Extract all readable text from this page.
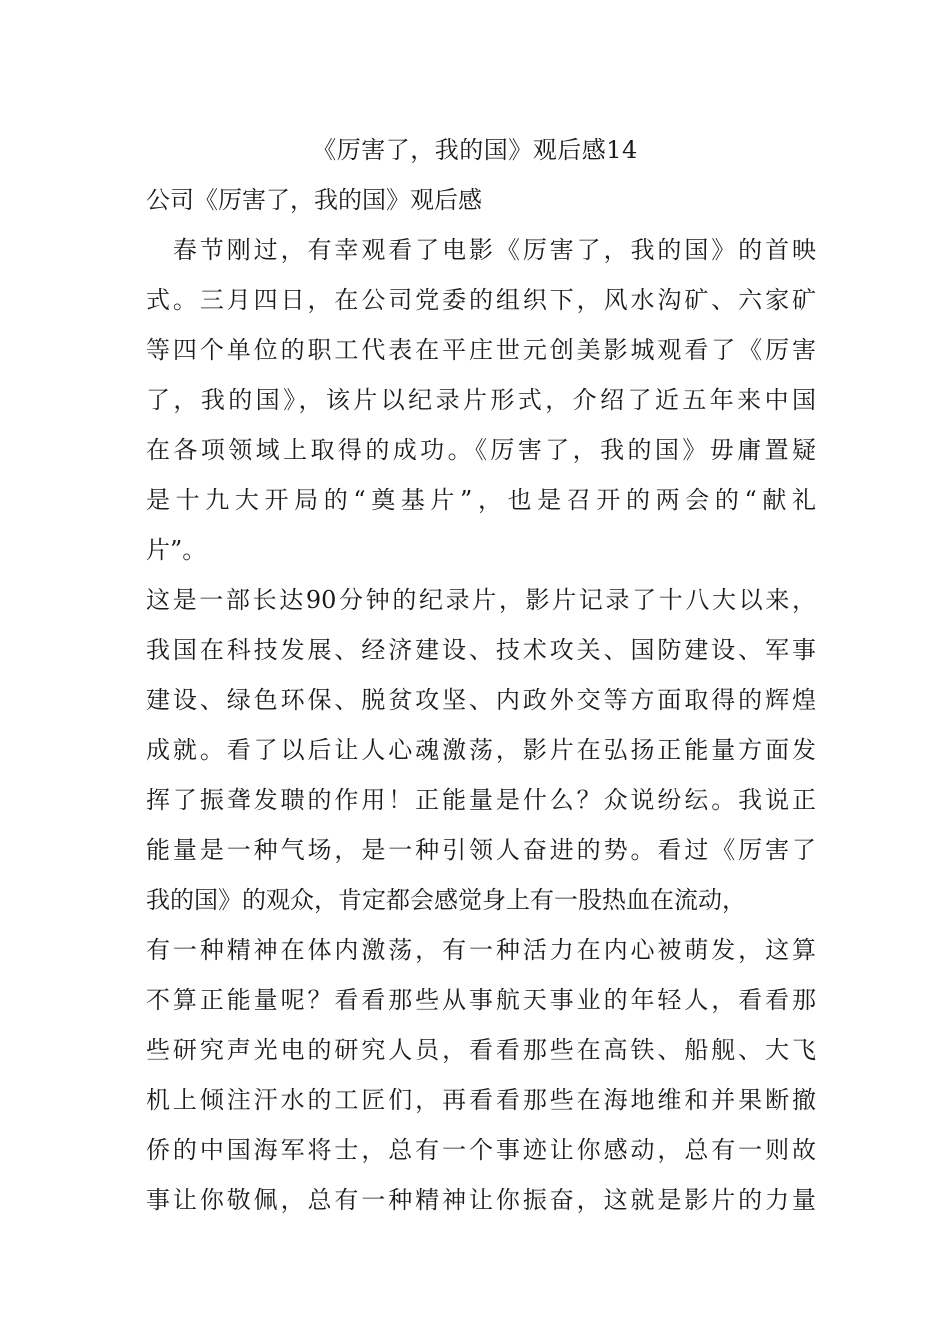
《厉害了，我的国》观后感14
公司《厉害了，我的国》观后感
　春节刚过，有幸观看了电影《厉害了，我的国》的首映
式。三月四日，在公司党委的组织下，风水沟矿、六家矿
等四个单位的职工代表在平庄世元创美影城观看了《厉害
了，我的国》，该片以纪录片形式，介绍了近五年来中国
在各项领域上取得的成功。《厉害了，我的国》毋庸置疑
是十九大开局的“奠基片”，也是召开的两会的“献礼
片”。
这是一部长达90分钟的纪录片，影片记录了十八大以来，
我国在科技发展、经济建设、技术攻关、国防建设、军事
建设、绿色环保、脱贫攻坚、内政外交等方面取得的辉煌
成就。看了以后让人心魂激荡，影片在弘扬正能量方面发
挥了振聋发聩的作用！正能量是什么？众说纷纭。我说正
能量是一种气场，是一种引领人奋进的势。看过《厉害了
我的国》的观众，肯定都会感觉身上有一股热血在流动，
有一种精神在体内激荡，有一种活力在内心被萌发，这算
不算正能量呢？看看那些从事航天事业的年轻人，看看那
些研究声光电的研究人员，看看那些在高铁、船舰、大飞
机上倾注汗水的工匠们，再看看那些在海地维和并果断撤
侨的中国海军将士，总有一个事迹让你感动，总有一则故
事让你敬佩，总有一种精神让你振奋，这就是影片的力量
